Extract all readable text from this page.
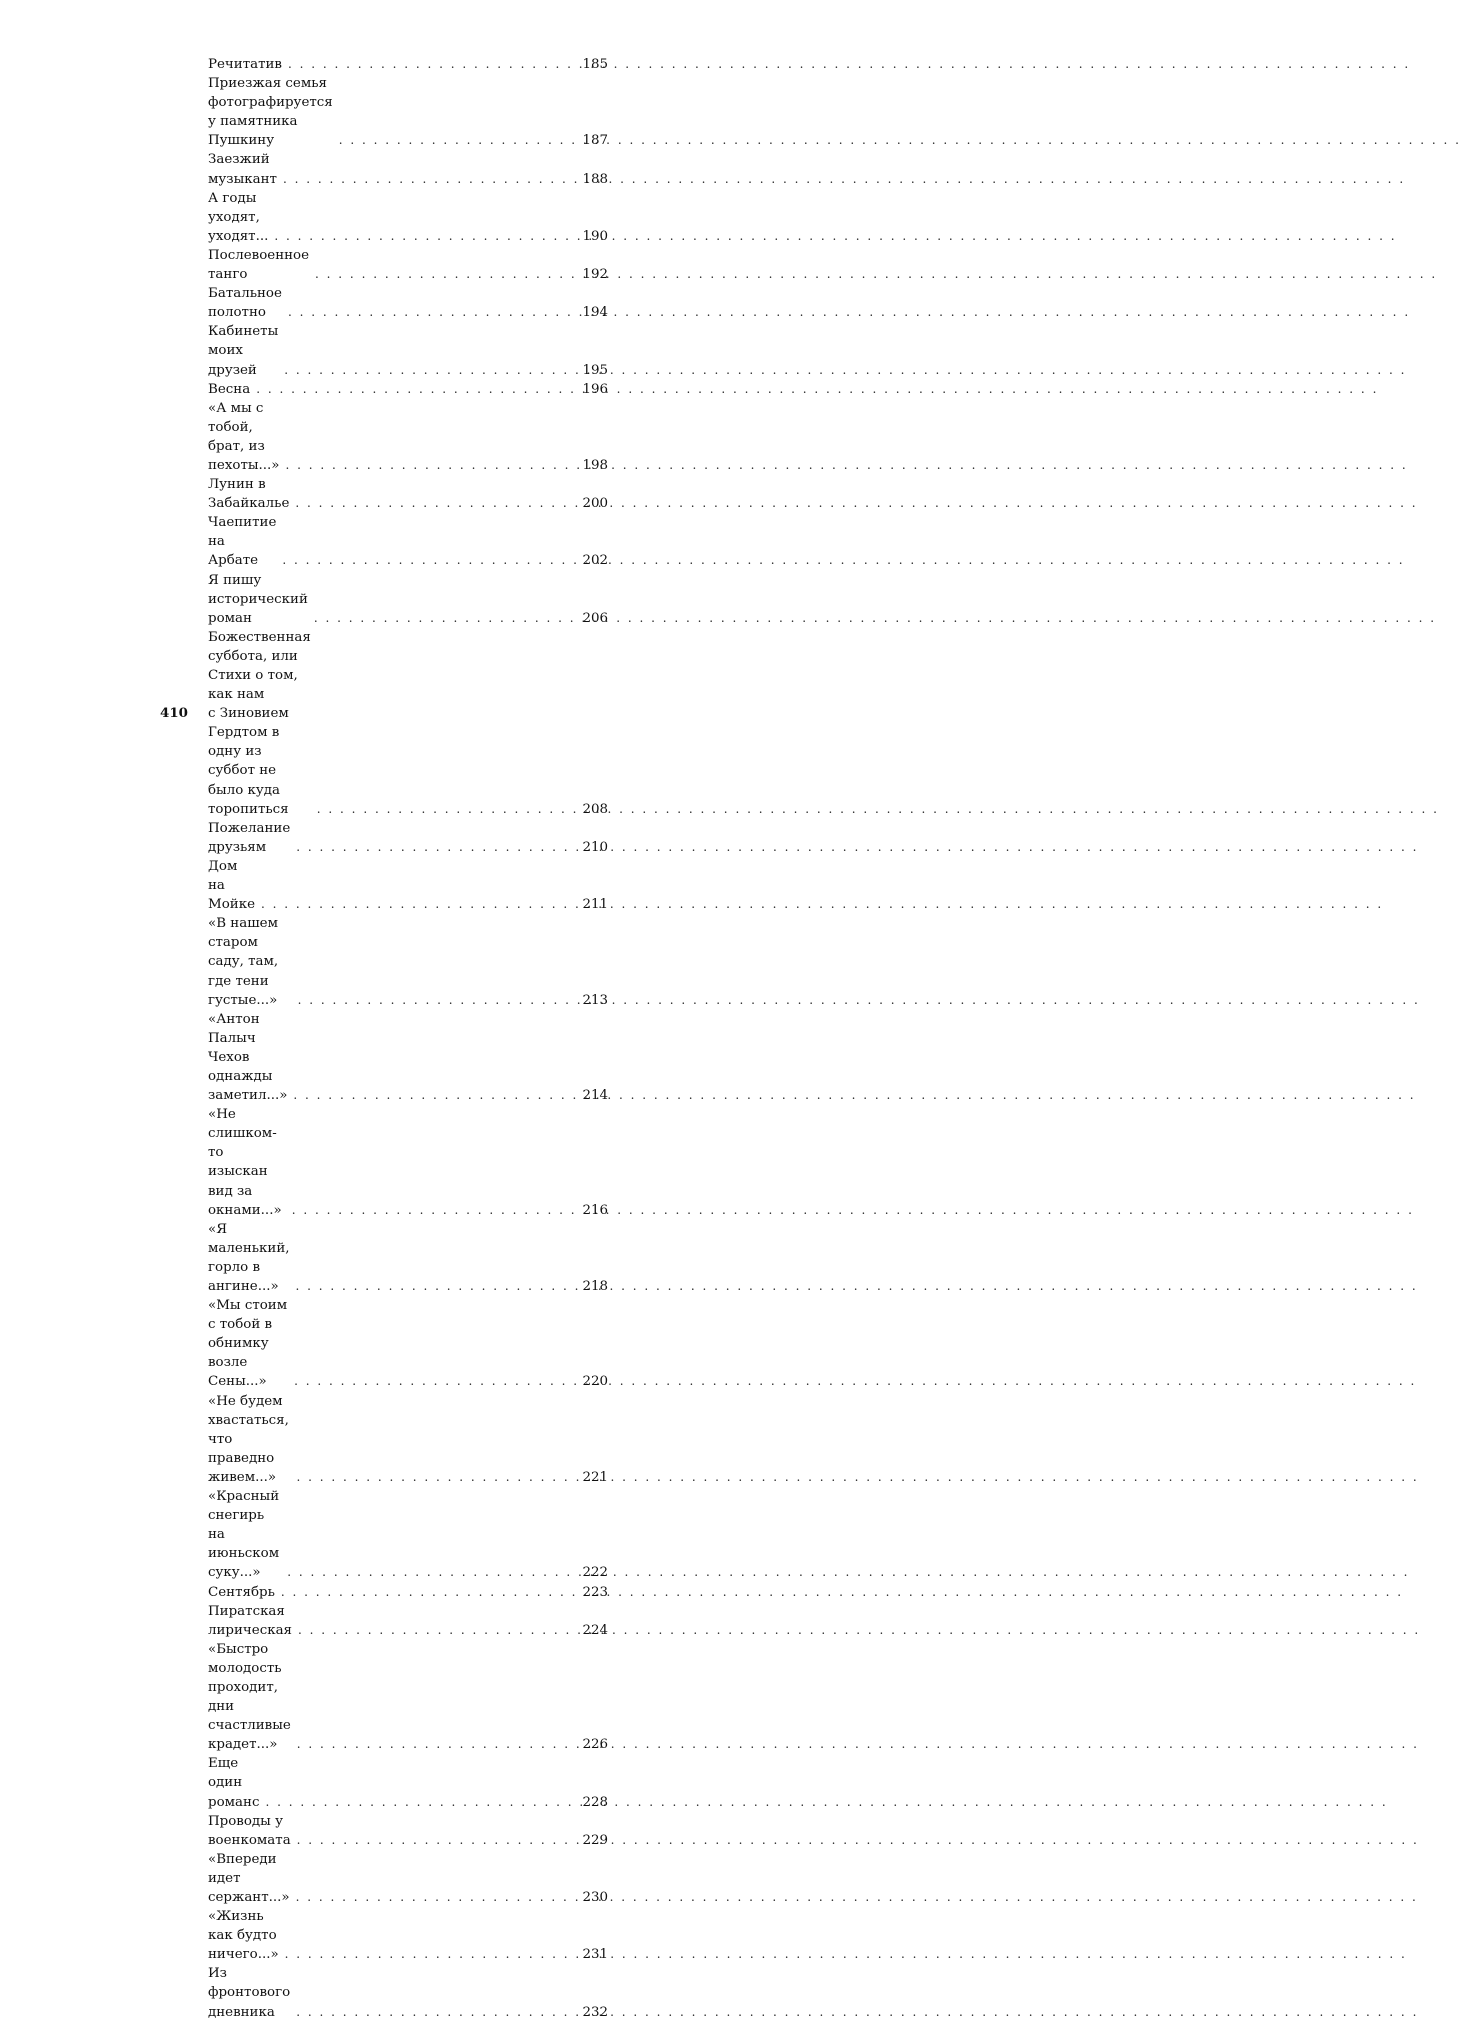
Речитатив . . .	185
Приезжая семья фотографируется у памятника
Пушкину . . .	187
Заезжий музыкант . . .	188
А годы уходят, уходят... . . .	190
Послевоенное танго . . .	192
Батальное полотно . . .	194
Кабинеты моих друзей . . .	195
Весна . . .	196
«А мы с тобой, брат, из пехоты...» . . .	198
Лунин в Забайкалье . . .	200
Чаепитие на Арбате . . .	202
Я пишу исторический роман . . .	206
Божественная суббота, или Стихи о том, как нам
с Зиновием Гердтом в одну из суббот не было куда
торопиться . . .	208
Пожелание друзьям . . .	210
Дом на Мойке . . .	211
«В нашем старом саду, там, где тени густые...» . . .	213
«Антон Палыч Чехов однажды заметил...» . . .	214
«Не слишком-то изыскан вид за окнами...» . . .	216
«Я маленький, горло в ангине...» . . .	218
«Мы стоим с тобой в обнимку возле Сены...» . . .	220
«Не будем хвастаться, что праведно живем...» . . .	221
«Красный снегирь на июньском суку...» . . .	222
Сентябрь . . .	223
Пиратская лирическая . . .	224
«Быстро молодость проходит, дни счастливые
крадет...» . . .	226
Еще один романс . . .	228
Проводы у военкомата . . .	229
«Впереди идет сержант...» . . .	230
«Жизнь как будто ничего...» . . .	231
Из фронтового дневника . . .	232
410
